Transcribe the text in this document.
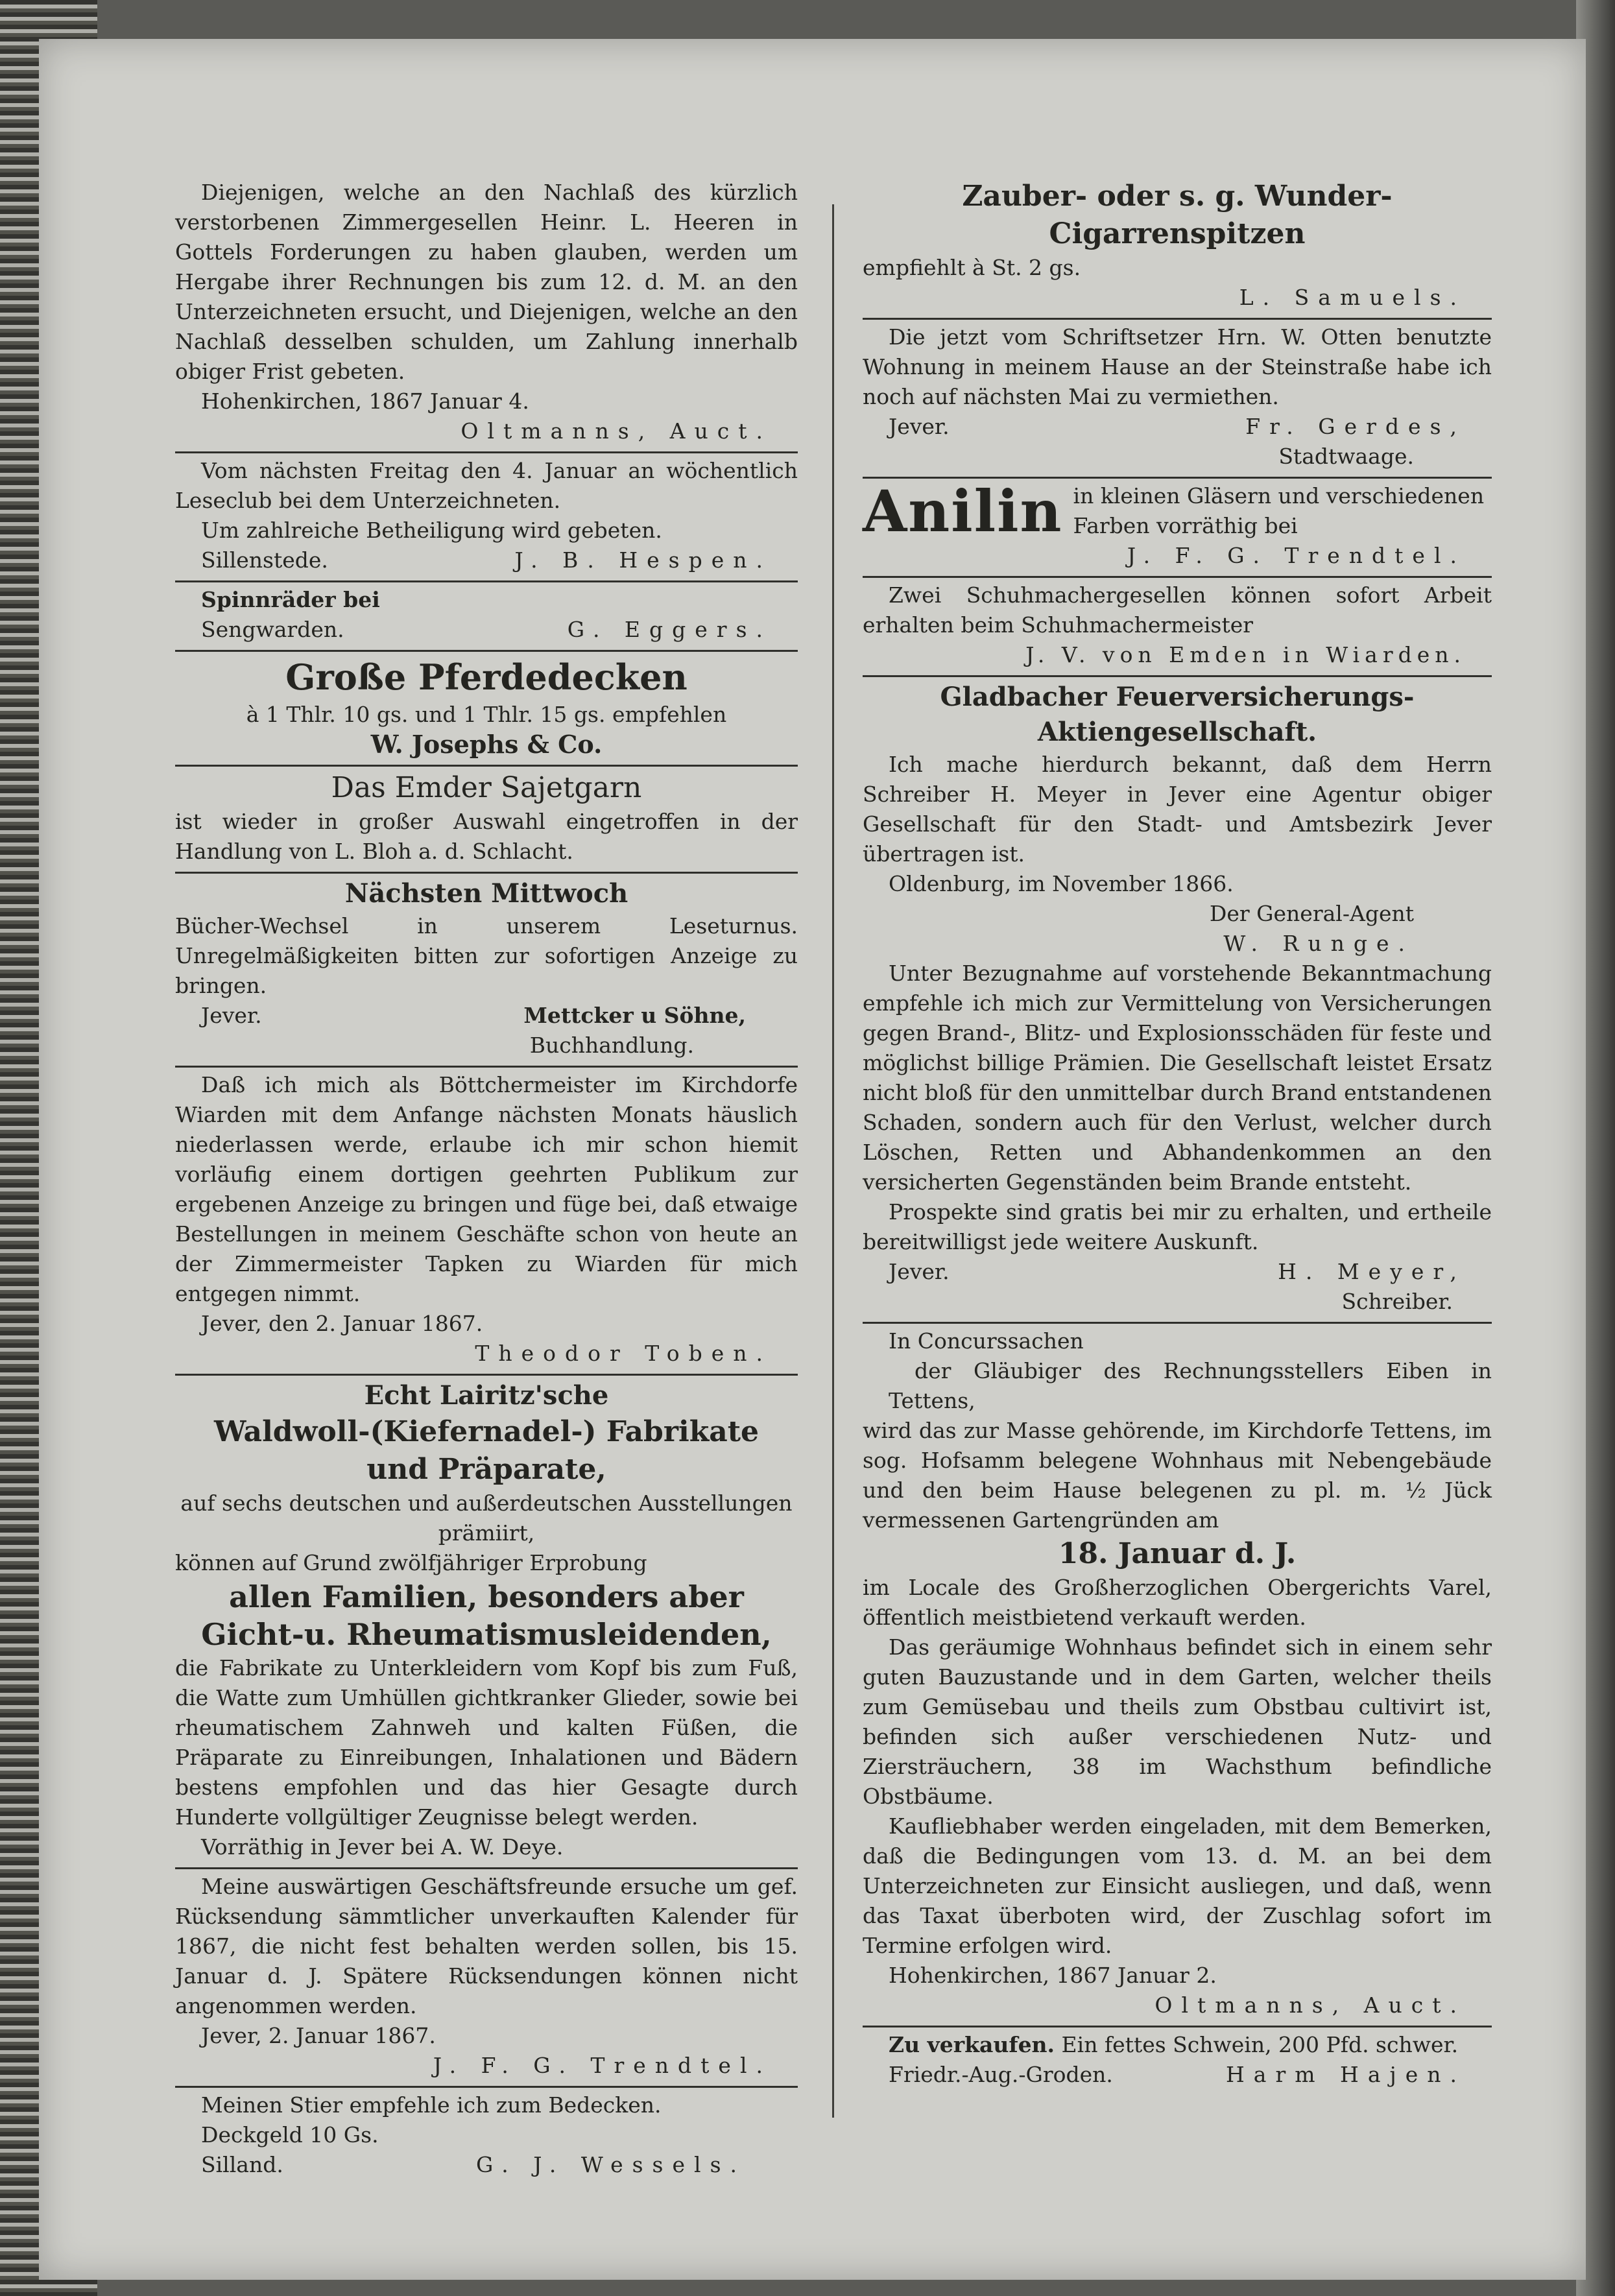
Diejenigen, welche an den Nachlaß des kürzlich verstorbenen Zimmergesellen Heinr. L. Heeren in Gottels Forderungen zu haben glauben, werden um Hergabe ihrer Rechnungen bis zum 12. d. M. an den Unterzeichneten ersucht, und Diejenigen, welche an den Nachlaß desselben schulden, um Zahlung innerhalb obiger Frist gebeten.

Hohenkirchen, 1867 Januar 4.

Oltmanns, Auct.

Vom nächsten Freitag den 4. Januar an wöchentlich Leseclub bei dem Unterzeichneten.

Um zahlreiche Betheiligung wird gebeten.

Sillenstede.	J. B. Hespen.

Spinnräder bei

Sengwarden.	G. Eggers.
Große Pferdedecken
à 1 Thlr. 10 gs. und 1 Thlr. 15 gs. empfehlen
W. Josephs & Co.
Das Emder Sajetgarn

ist wieder in großer Auswahl eingetroffen in der Handlung von L. Bloh a. d. Schlacht.

Nächsten Mittwoch

Bücher-Wechsel in unserem Leseturnus. Unregelmäßigkeiten bitten zur sofortigen Anzeige zu bringen.

Jever.	Mettcker u Söhne,
Buchhandlung.

Daß ich mich als Böttchermeister im Kirchdorfe Wiarden mit dem Anfange nächsten Monats häuslich niederlassen werde, erlaube ich mir schon hiemit vorläufig einem dortigen geehrten Publikum zur ergebenen Anzeige zu bringen und füge bei, daß etwaige Bestellungen in meinem Geschäfte schon von heute an der Zimmermeister Tapken zu Wiarden für mich entgegen nimmt.

Jever, den 2. Januar 1867.

Theodor Toben.
Echt Lairitz'sche
Waldwoll-(Kiefernadel-) Fabrikate
und Präparate,

auf sechs deutschen und außerdeutschen Ausstellungen prämiirt,

können auf Grund zwölfjähriger Erprobung

allen Familien, besonders aber
Gicht-u. Rheumatismusleidenden,

die Fabrikate zu Unterkleidern vom Kopf bis zum Fuß, die Watte zum Umhüllen gichtkranker Glieder, sowie bei rheumatischem Zahnweh und kalten Füßen, die Präparate zu Einreibungen, Inhalationen und Bädern bestens empfohlen und das hier Gesagte durch Hunderte vollgültiger Zeugnisse belegt werden.

Vorräthig in Jever bei A. W. Deye.

Meine auswärtigen Geschäftsfreunde ersuche um gef. Rücksendung sämmtlicher unverkauften Kalender für 1867, die nicht fest behalten werden sollen, bis 15. Januar d. J. Spätere Rücksendungen können nicht angenommen werden.

Jever, 2. Januar 1867.

J. F. G. Trendtel.

Meinen Stier empfehle ich zum Bedecken.

Deckgeld 10 Gs.

Silland.	G. J. Wessels.
Zauber- oder s. g. Wunder-
Cigarrenspitzen

empfiehlt à St. 2 gs.

L. Samuels.

Die jetzt vom Schriftsetzer Hrn. W. Otten benutzte Wohnung in meinem Hause an der Steinstraße habe ich noch auf nächsten Mai zu vermiethen.

Jever.	Fr. Gerdes,
Stadtwaage.
Anilin in kleinen Gläsern und verschiedenen Farben vorräthig bei
J. F. G. Trendtel.

Zwei Schuhmachergesellen können sofort Arbeit erhalten beim Schuhmachermeister

J. V. von Emden in Wiarden.
Gladbacher Feuerversicherungs-
Aktiengesellschaft.

Ich mache hierdurch bekannt, daß dem Herrn Schreiber H. Meyer in Jever eine Agentur obiger Gesellschaft für den Stadt- und Amtsbezirk Jever übertragen ist.

Oldenburg, im November 1866.

Der General-Agent
W. Runge.

Unter Bezugnahme auf vorstehende Bekanntmachung empfehle ich mich zur Vermittelung von Versicherungen gegen Brand-, Blitz- und Explosionsschäden für feste und möglichst billige Prämien. Die Gesellschaft leistet Ersatz nicht bloß für den unmittelbar durch Brand entstandenen Schaden, sondern auch für den Verlust, welcher durch Löschen, Retten und Abhandenkommen an den versicherten Gegenständen beim Brande entsteht.

Prospekte sind gratis bei mir zu erhalten, und ertheile bereitwilligst jede weitere Auskunft.

Jever.	H. Meyer,
Schreiber.

In Concurssachen

der Gläubiger des Rechnungsstellers Eiben in Tettens,

wird das zur Masse gehörende, im Kirchdorfe Tettens, im sog. Hofsamm belegene Wohnhaus mit Nebengebäude und den beim Hause belegenen zu pl. m. ½ Jück vermessenen Gartengründen am

18. Januar d. J.

im Locale des Großherzoglichen Obergerichts Varel, öffentlich meistbietend verkauft werden.

Das geräumige Wohnhaus befindet sich in einem sehr guten Bauzustande und in dem Garten, welcher theils zum Gemüsebau und theils zum Obstbau cultivirt ist, befinden sich außer verschiedenen Nutz- und Ziersträuchern, 38 im Wachsthum befindliche Obstbäume.

Kaufliebhaber werden eingeladen, mit dem Bemerken, daß die Bedingungen vom 13. d. M. an bei dem Unterzeichneten zur Einsicht ausliegen, und daß, wenn das Taxat überboten wird, der Zuschlag sofort im Termine erfolgen wird.

Hohenkirchen, 1867 Januar 2.

Oltmanns, Auct.

Zu verkaufen. Ein fettes Schwein, 200 Pfd. schwer.

Friedr.-Aug.-Groden.	Harm Hajen.
